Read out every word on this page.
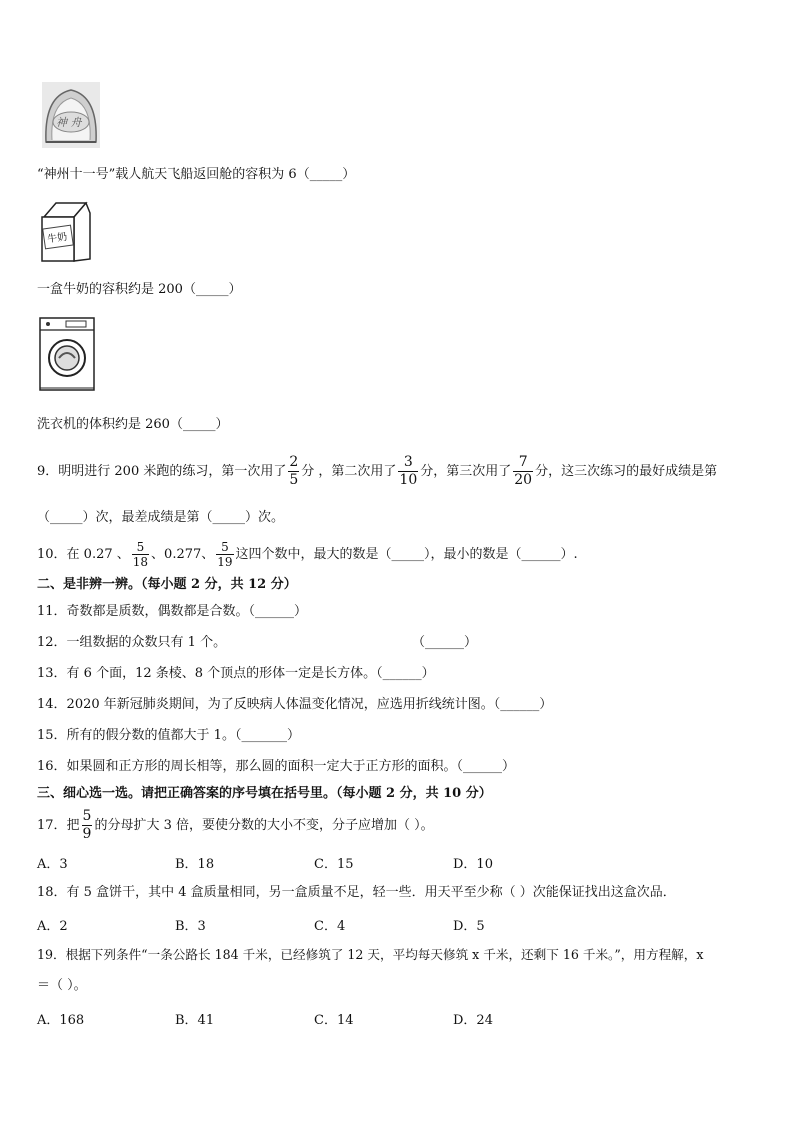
神 舟
“神州十一号”载人航天飞船返回舱的容积为 6（_____）
牛奶
一盒牛奶的容积约是 200（_____）
洗衣机的体积约是 260（_____）
9．明明进行 200 米跑的练习，第一次用了 $\frac{2}{5}$ 分 ，第二次用了 $\frac{3}{10}$ 分，第三次用了 $\frac{7}{20}$ 分，这三次练习的最好成绩是第
（_____）次，最差成绩是第（_____）次。
10．在 0.27 、 $\frac{5}{18}$ 、0.277、 $\frac{5}{19}$ 这四个数中，最大的数是（_____），最小的数是（______）.
二、是非辨一辨。（每小题 2 分，共 12 分）
11．奇数都是质数，偶数都是合数。（______）
12．一组数据的众数只有 1 个。	（______）
13．有 6 个面，12 条棱、8 个顶点的形体一定是长方体。（______）
14．2020 年新冠肺炎期间，为了反映病人体温变化情况，应选用折线统计图。（______）
15．所有的假分数的值都大于 1。（_______）
16．如果圆和正方形的周长相等，那么圆的面积一定大于正方形的面积。（______）
三、细心选一选。请把正确答案的序号填在括号里。（每小题 2 分，共 10 分）
17．把 $\frac{5}{9}$ 的分母扩大 3 倍，要使分数的大小不变，分子应增加（ ）。
A．3	B．18	C．15	D．10
18．有 5 盒饼干，其中 4 盒质量相同，另一盒质量不足，轻一些．用天平至少称（ ）次能保证找出这盒次品．
A．2	B．3	C．4	D．5
19．根据下列条件“一条公路长 184 千米，已经修筑了 12 天，平均每天修筑 x 千米，还剩下 16 千米。”，用方程解，x
＝（ ）。
A．168	B．41	C．14	D．24
